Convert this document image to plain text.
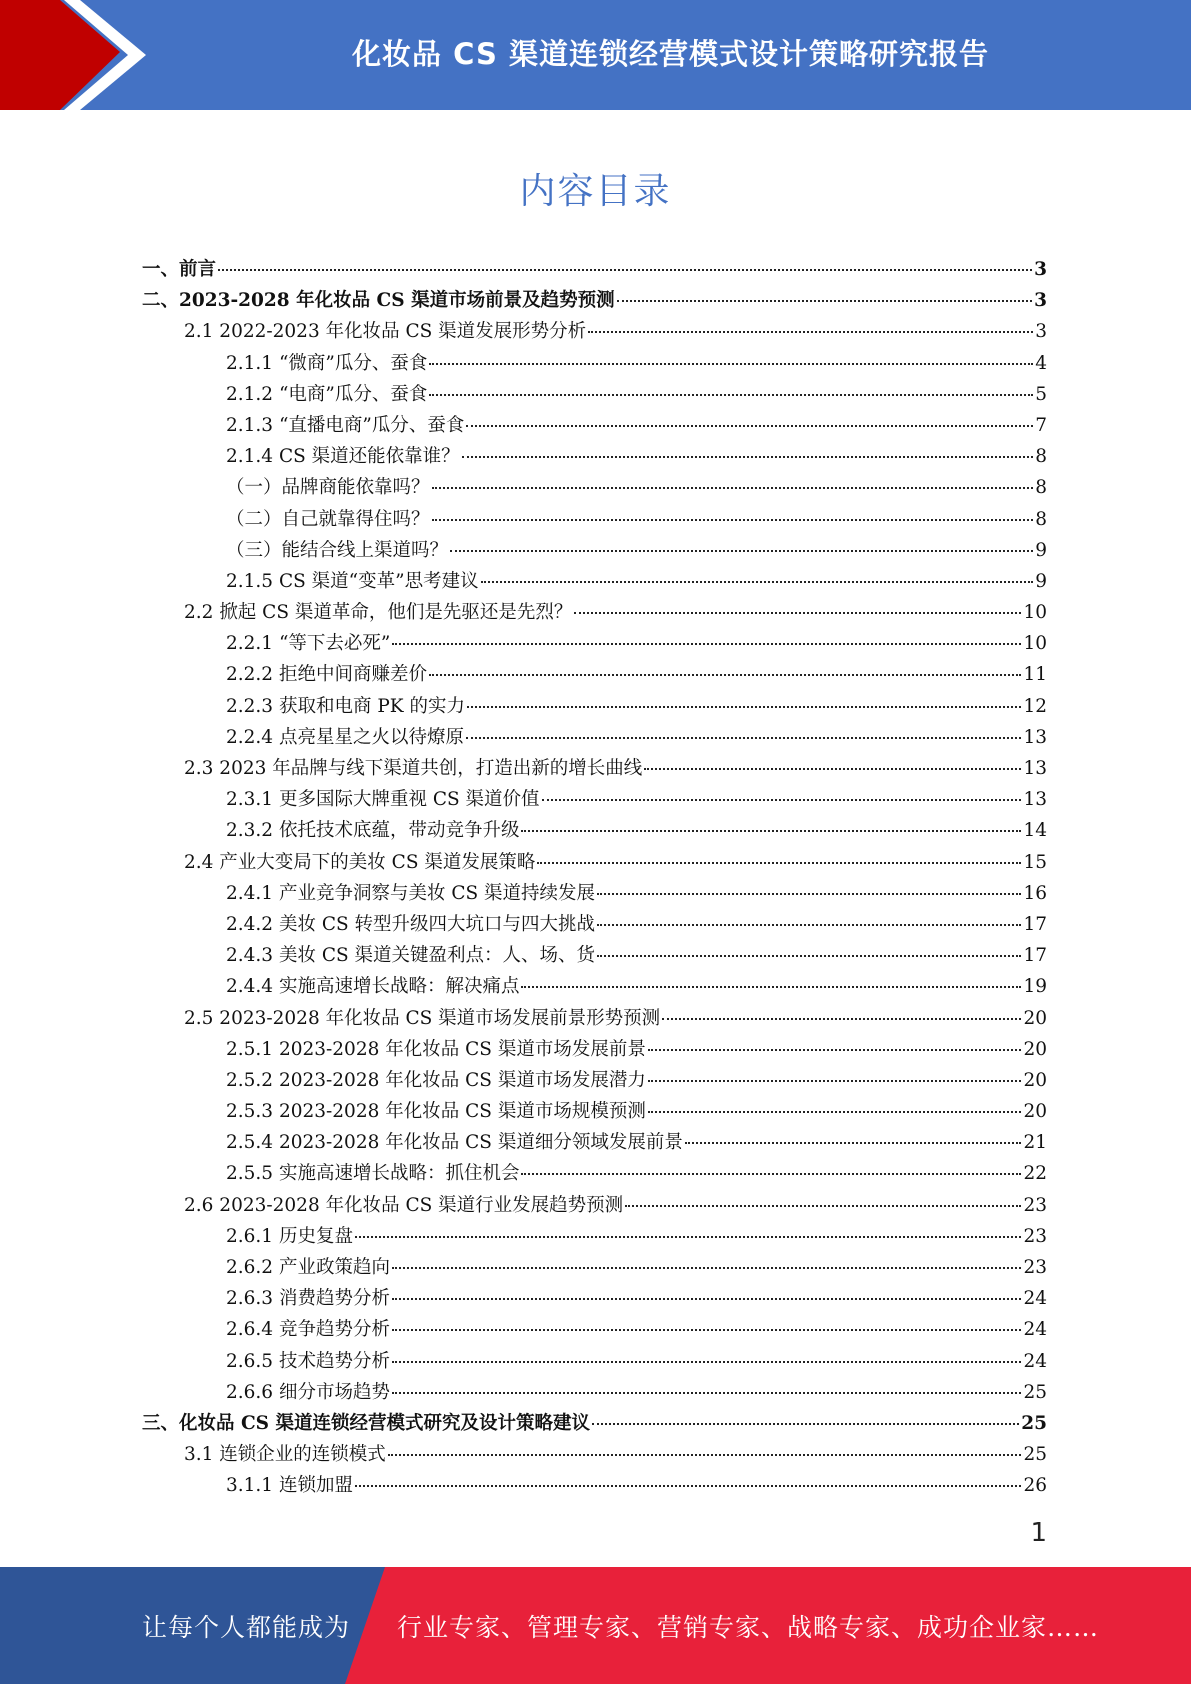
化妆品 CS 渠道连锁经营模式设计策略研究报告
内容目录
一、前言	3
二、2023-2028 年化妆品 CS 渠道市场前景及趋势预测	3
2.1 2022-2023 年化妆品 CS 渠道发展形势分析	3
2.1.1 “微商”瓜分、蚕食	4
2.1.2 “电商”瓜分、蚕食	5
2.1.3 “直播电商”瓜分、蚕食	7
2.1.4 CS 渠道还能依靠谁？	8
（一）品牌商能依靠吗？	8
（二）自己就靠得住吗？	8
（三）能结合线上渠道吗？	9
2.1.5 CS 渠道“变革”思考建议	9
2.2 掀起 CS 渠道革命，他们是先驱还是先烈？	10
2.2.1 “等下去必死”	10
2.2.2 拒绝中间商赚差价	11
2.2.3 获取和电商 PK 的实力	12
2.2.4 点亮星星之火以待燎原	13
2.3 2023 年品牌与线下渠道共创，打造出新的增长曲线	13
2.3.1 更多国际大牌重视 CS 渠道价值	13
2.3.2 依托技术底蕴，带动竞争升级	14
2.4 产业大变局下的美妆 CS 渠道发展策略	15
2.4.1 产业竞争洞察与美妆 CS 渠道持续发展	16
2.4.2 美妆 CS 转型升级四大坑口与四大挑战	17
2.4.3 美妆 CS 渠道关键盈利点：人、场、货	17
2.4.4 实施高速增长战略：解决痛点	19
2.5 2023-2028 年化妆品 CS 渠道市场发展前景形势预测	20
2.5.1 2023-2028 年化妆品 CS 渠道市场发展前景	20
2.5.2 2023-2028 年化妆品 CS 渠道市场发展潜力	20
2.5.3 2023-2028 年化妆品 CS 渠道市场规模预测	20
2.5.4 2023-2028 年化妆品 CS 渠道细分领域发展前景	21
2.5.5 实施高速增长战略：抓住机会	22
2.6 2023-2028 年化妆品 CS 渠道行业发展趋势预测	23
2.6.1 历史复盘	23
2.6.2 产业政策趋向	23
2.6.3 消费趋势分析	24
2.6.4 竞争趋势分析	24
2.6.5 技术趋势分析	24
2.6.6 细分市场趋势	25
三、化妆品 CS 渠道连锁经营模式研究及设计策略建议	25
3.1 连锁企业的连锁模式	25
3.1.1 连锁加盟	26
1
让每个人都能成为 行业专家、管理专家、营销专家、战略专家、成功企业家……
